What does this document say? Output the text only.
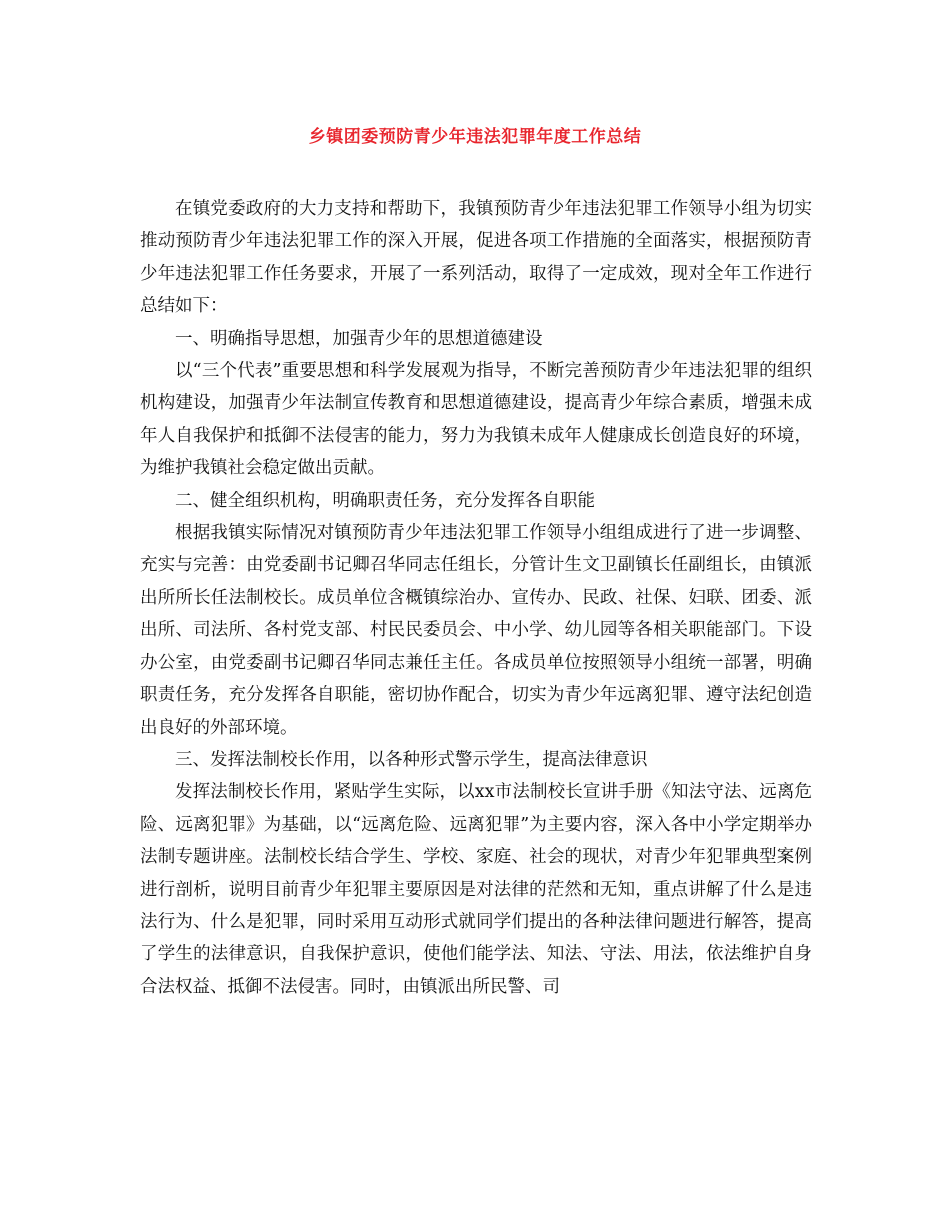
乡镇团委预防青少年违法犯罪年度工作总结

在镇党委政府的大力支持和帮助下，我镇预防青少年违法犯罪工作领导小组为切实推动预防青少年违法犯罪工作的深入开展，促进各项工作措施的全面落实，根据预防青少年违法犯罪工作任务要求，开展了一系列活动，取得了一定成效，现对全年工作进行总结如下：

一、明确指导思想，加强青少年的思想道德建设

以“三个代表”重要思想和科学发展观为指导，不断完善预防青少年违法犯罪的组织机构建设，加强青少年法制宣传教育和思想道德建设，提高青少年综合素质，增强未成年人自我保护和抵御不法侵害的能力，努力为我镇未成年人健康成长创造良好的环境，为维护我镇社会稳定做出贡献。

二、健全组织机构，明确职责任务，充分发挥各自职能

根据我镇实际情况对镇预防青少年违法犯罪工作领导小组组成进行了进一步调整、充实与完善：由党委副书记卿召华同志任组长，分管计生文卫副镇长任副组长，由镇派出所所长任法制校长。成员单位含概镇综治办、宣传办、民政、社保、妇联、团委、派出所、司法所、各村党支部、村民民委员会、中小学、幼儿园等各相关职能部门。下设办公室，由党委副书记卿召华同志兼任主任。各成员单位按照领导小组统一部署，明确职责任务，充分发挥各自职能，密切协作配合，切实为青少年远离犯罪、遵守法纪创造出良好的外部环境。

三、发挥法制校长作用，以各种形式警示学生，提高法律意识

发挥法制校长作用，紧贴学生实际，以xx市法制校长宣讲手册《知法守法、远离危险、远离犯罪》为基础，以“远离危险、远离犯罪”为主要内容，深入各中小学定期举办法制专题讲座。法制校长结合学生、学校、家庭、社会的现状，对青少年犯罪典型案例进行剖析，说明目前青少年犯罪主要原因是对法律的茫然和无知，重点讲解了什么是违法行为、什么是犯罪，同时采用互动形式就同学们提出的各种法律问题进行解答，提高了学生的法律意识，自我保护意识，使他们能学法、知法、守法、用法，依法维护自身合法权益、抵御不法侵害。同时，由镇派出所民警、司
